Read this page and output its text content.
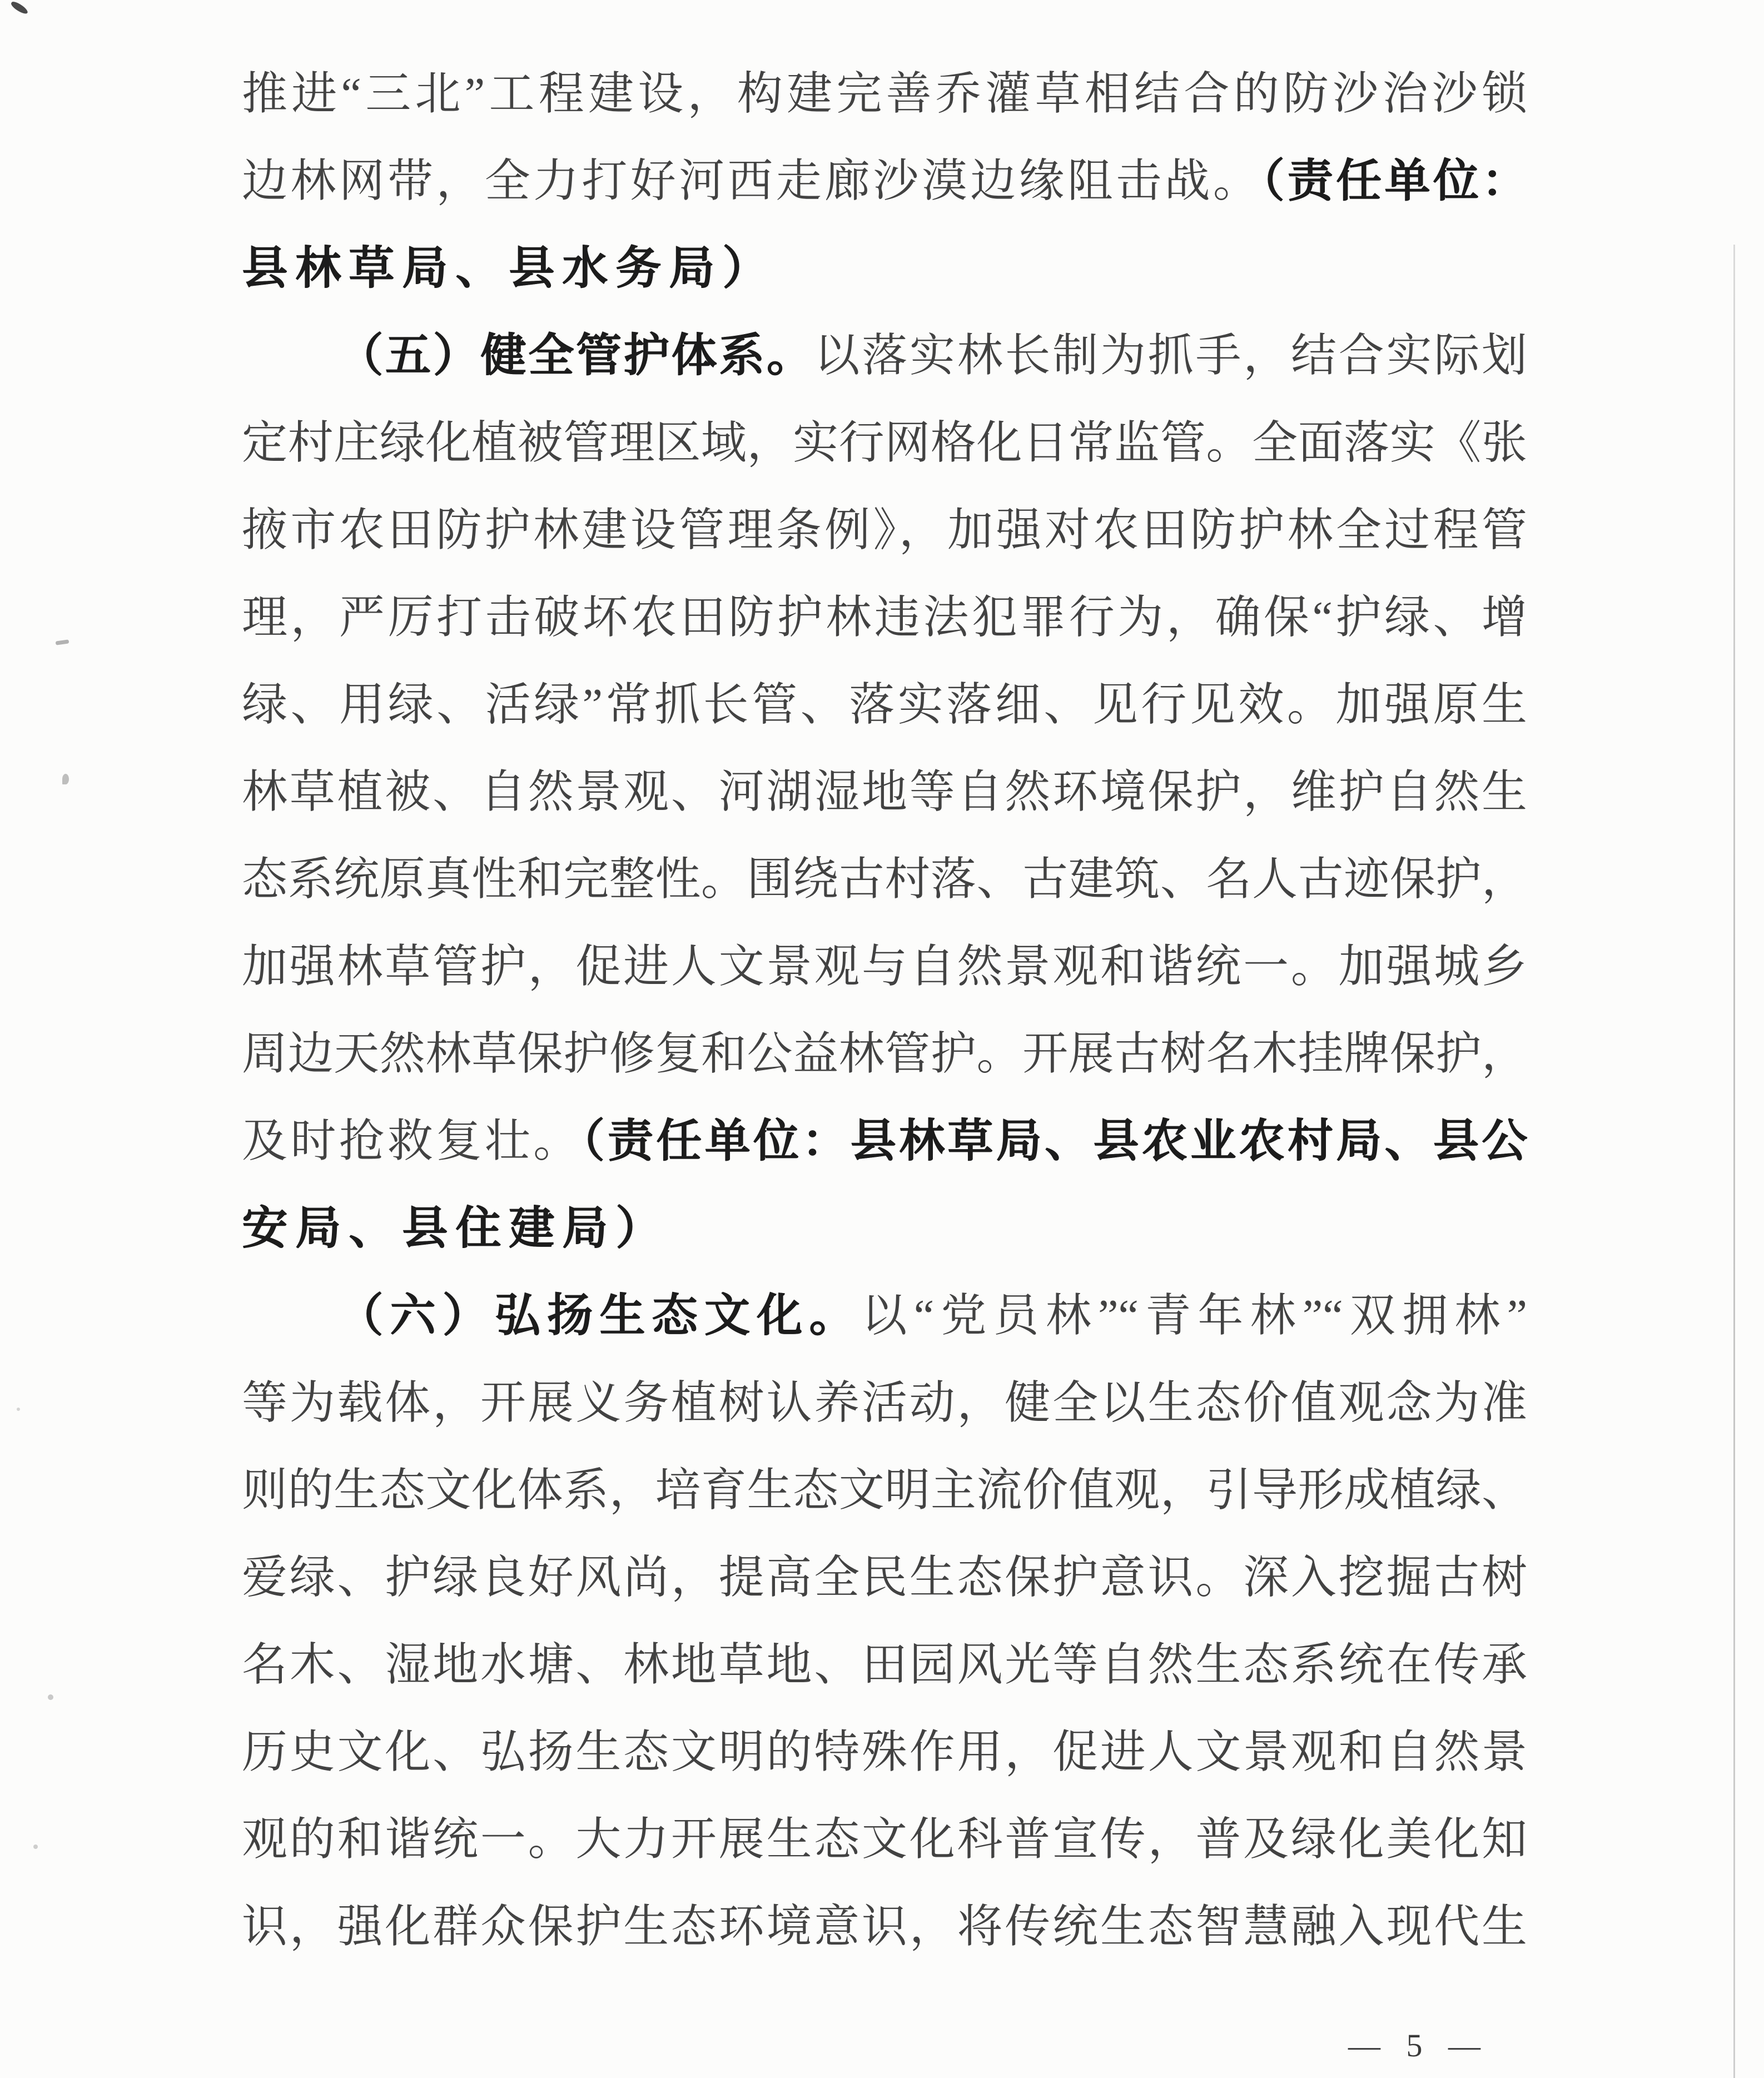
推进“三北”工程建设，构建完善乔灌草相结合的防沙治沙锁
边林网带，全力打好河西走廊沙漠边缘阻击战。（责任单位：
县林草局、县水务局）
（五）健全管护体系。以落实林长制为抓手，结合实际划
定村庄绿化植被管理区域，实行网格化日常监管。全面落实《张
掖市农田防护林建设管理条例》，加强对农田防护林全过程管
理，严厉打击破坏农田防护林违法犯罪行为，确保“护绿、增
绿、用绿、活绿”常抓长管、落实落细、见行见效。加强原生
林草植被、自然景观、河湖湿地等自然环境保护，维护自然生
态系统原真性和完整性。围绕古村落、古建筑、名人古迹保护，
加强林草管护，促进人文景观与自然景观和谐统一。加强城乡
周边天然林草保护修复和公益林管护。开展古树名木挂牌保护，
及时抢救复壮。（责任单位：县林草局、县农业农村局、县公
安局、县住建局）
（六）弘扬生态文化。以“党员林”“青年林”“双拥林”
等为载体，开展义务植树认养活动，健全以生态价值观念为准
则的生态文化体系，培育生态文明主流价值观，引导形成植绿、
爱绿、护绿良好风尚，提高全民生态保护意识。深入挖掘古树
名木、湿地水塘、林地草地、田园风光等自然生态系统在传承
历史文化、弘扬生态文明的特殊作用，促进人文景观和自然景
观的和谐统一。大力开展生态文化科普宣传，普及绿化美化知
识，强化群众保护生态环境意识，将传统生态智慧融入现代生
— 5 —
